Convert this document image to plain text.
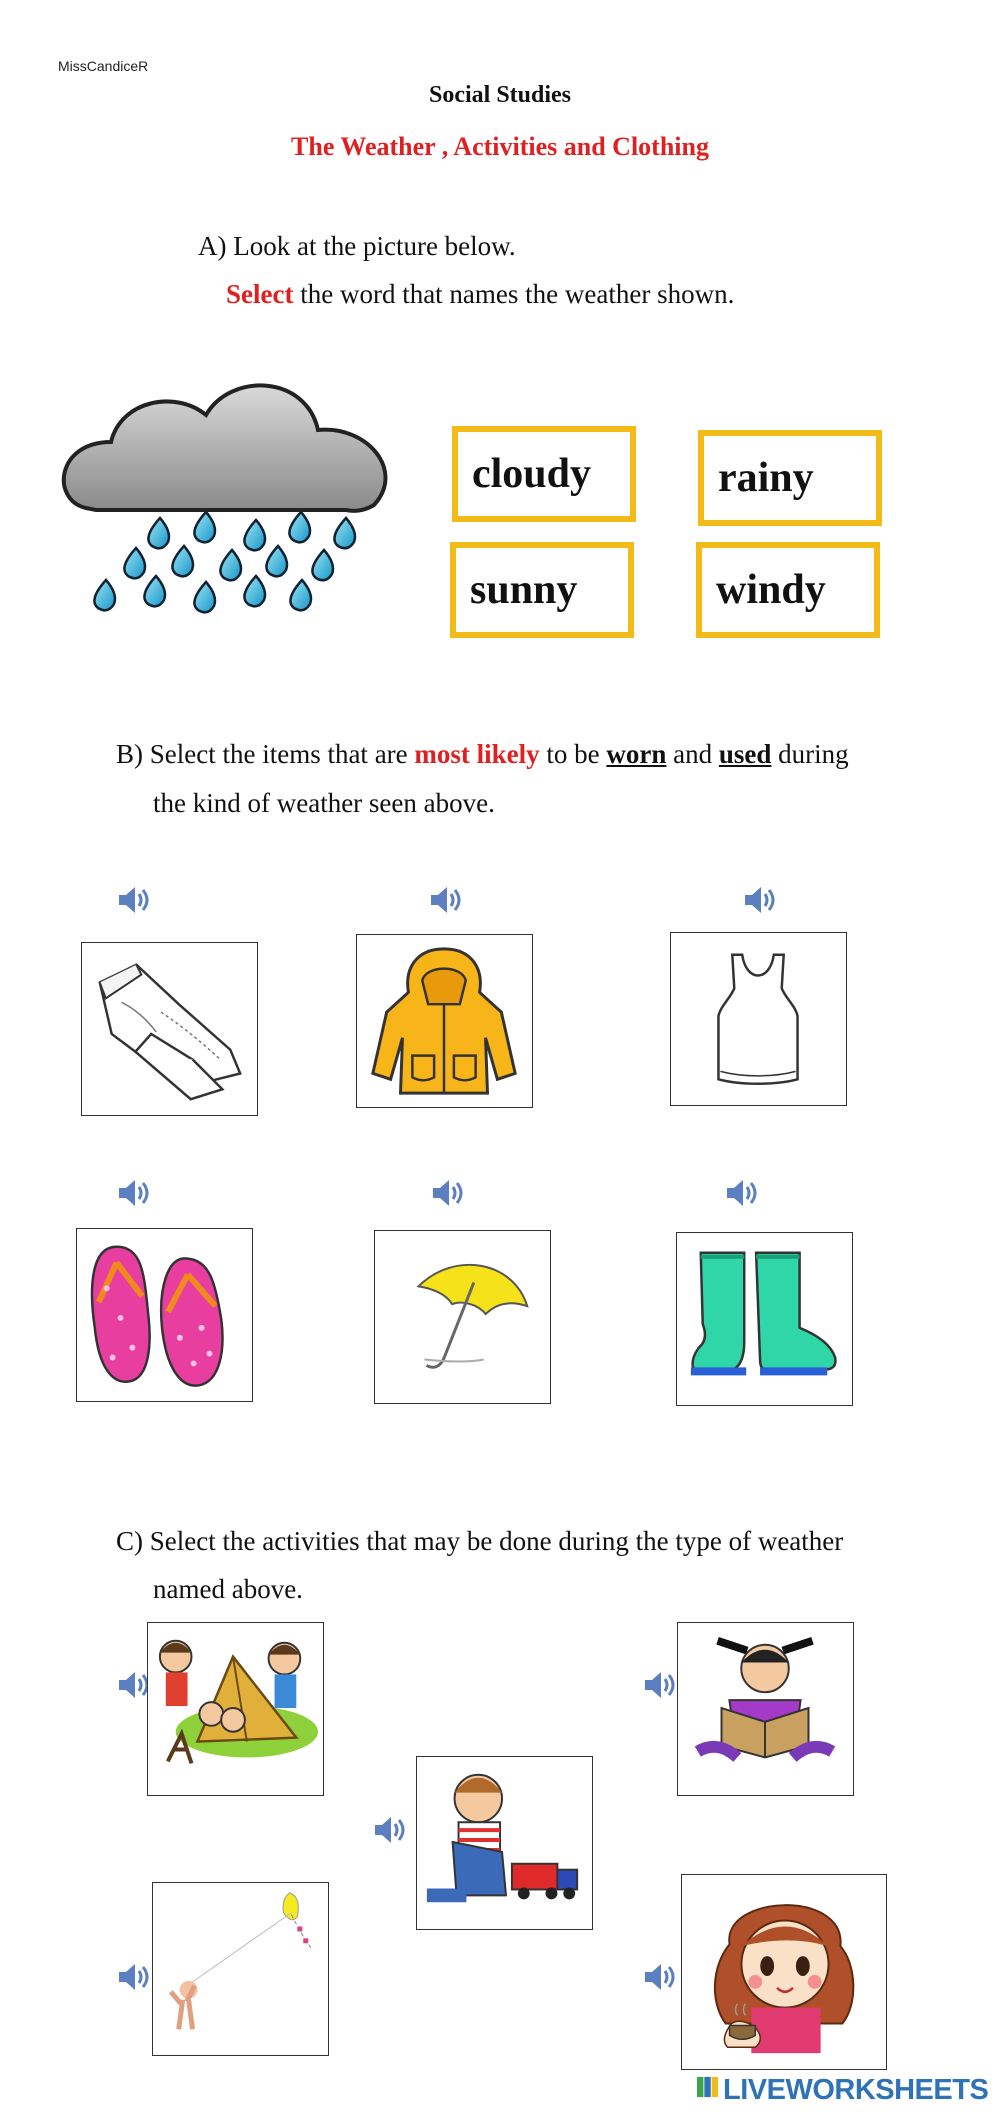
MissCandiceR
Social Studies
The Weather , Activities and Clothing
A) Look at the picture below.
Select the word that names the weather shown.
cloudy	rainy
sunny	windy
B) Select the items that are most likely to be worn and used during
the kind of weather seen above.
C) Select the activities that may be done during the type of weather
named above.
LIVEWORKSHEETS
